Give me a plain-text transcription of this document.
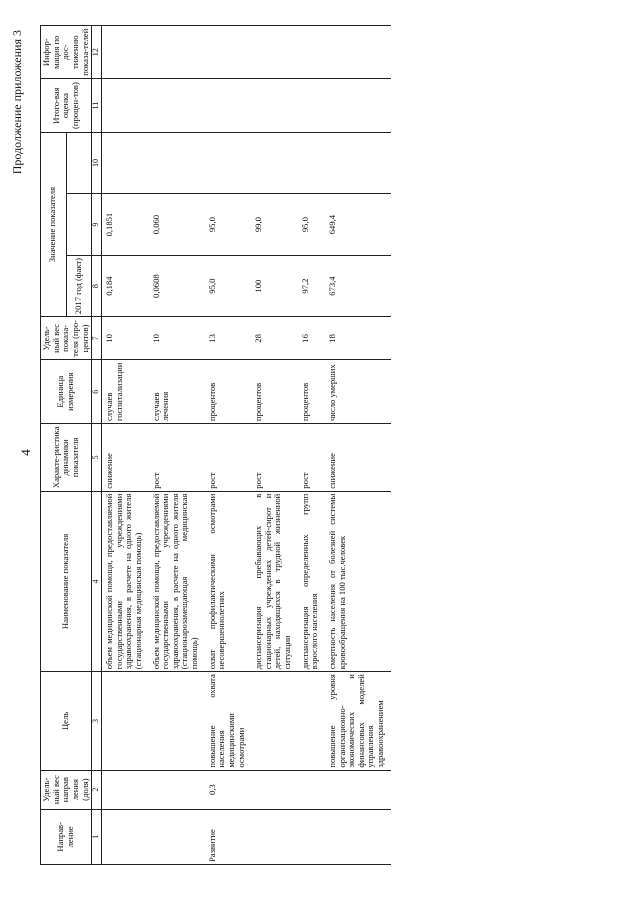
4
Продолжение приложения 3
Направ-ление	Удель-ный вес направ ления (доля)	Цель	Наименование показателя	Характе-ристика динамики показателя	Единица измерения	Удель-ный вес показа-теля (про-центов)	Значение показателя			Итого-вая оценка (процен-тов)	Инфор-мация по дос-тижению показа-телей
							2017 год (факт)				
1	2	3	4	5	6	7	8	9	10	11	12
			объем медицинской помощи, предоставляемой государственными учреждениями здравоохранения, в расчете на одного жителя (стационарная медицинская помощь)	снижение	случаев госпитализации	10	0,184	0,1851			
			объем медицинской помощи, предоставляемой государственными учреждениями здравоохранения, в расчете на одного жителя (стационарозамещающая медицинская помощь)	рост	случаев лечения	10	0,0608	0,060			
Развитие	0,3	повышение охвата населения медицинскими осмотрами	охват профилактическими осмотрами несовершеннолетних	рост	процентов	13	95,0	95,0			
			диспансеризация пребывающих в стационарных учреждениях детей-сирот и детей, находящихся в трудной жизненной ситуации	рост	процентов	28	100	99,0			
			диспансеризация определенных групп взрослого населения	рост	процентов	16	97,2	95,0			
		повышение уровня организационно-экономических и финансовых моделей управления здравоохранением	смертность населения от болезней системы кровообращения на 100 тыс.человек	снижение	число умерших	18	673,4	649,4			
